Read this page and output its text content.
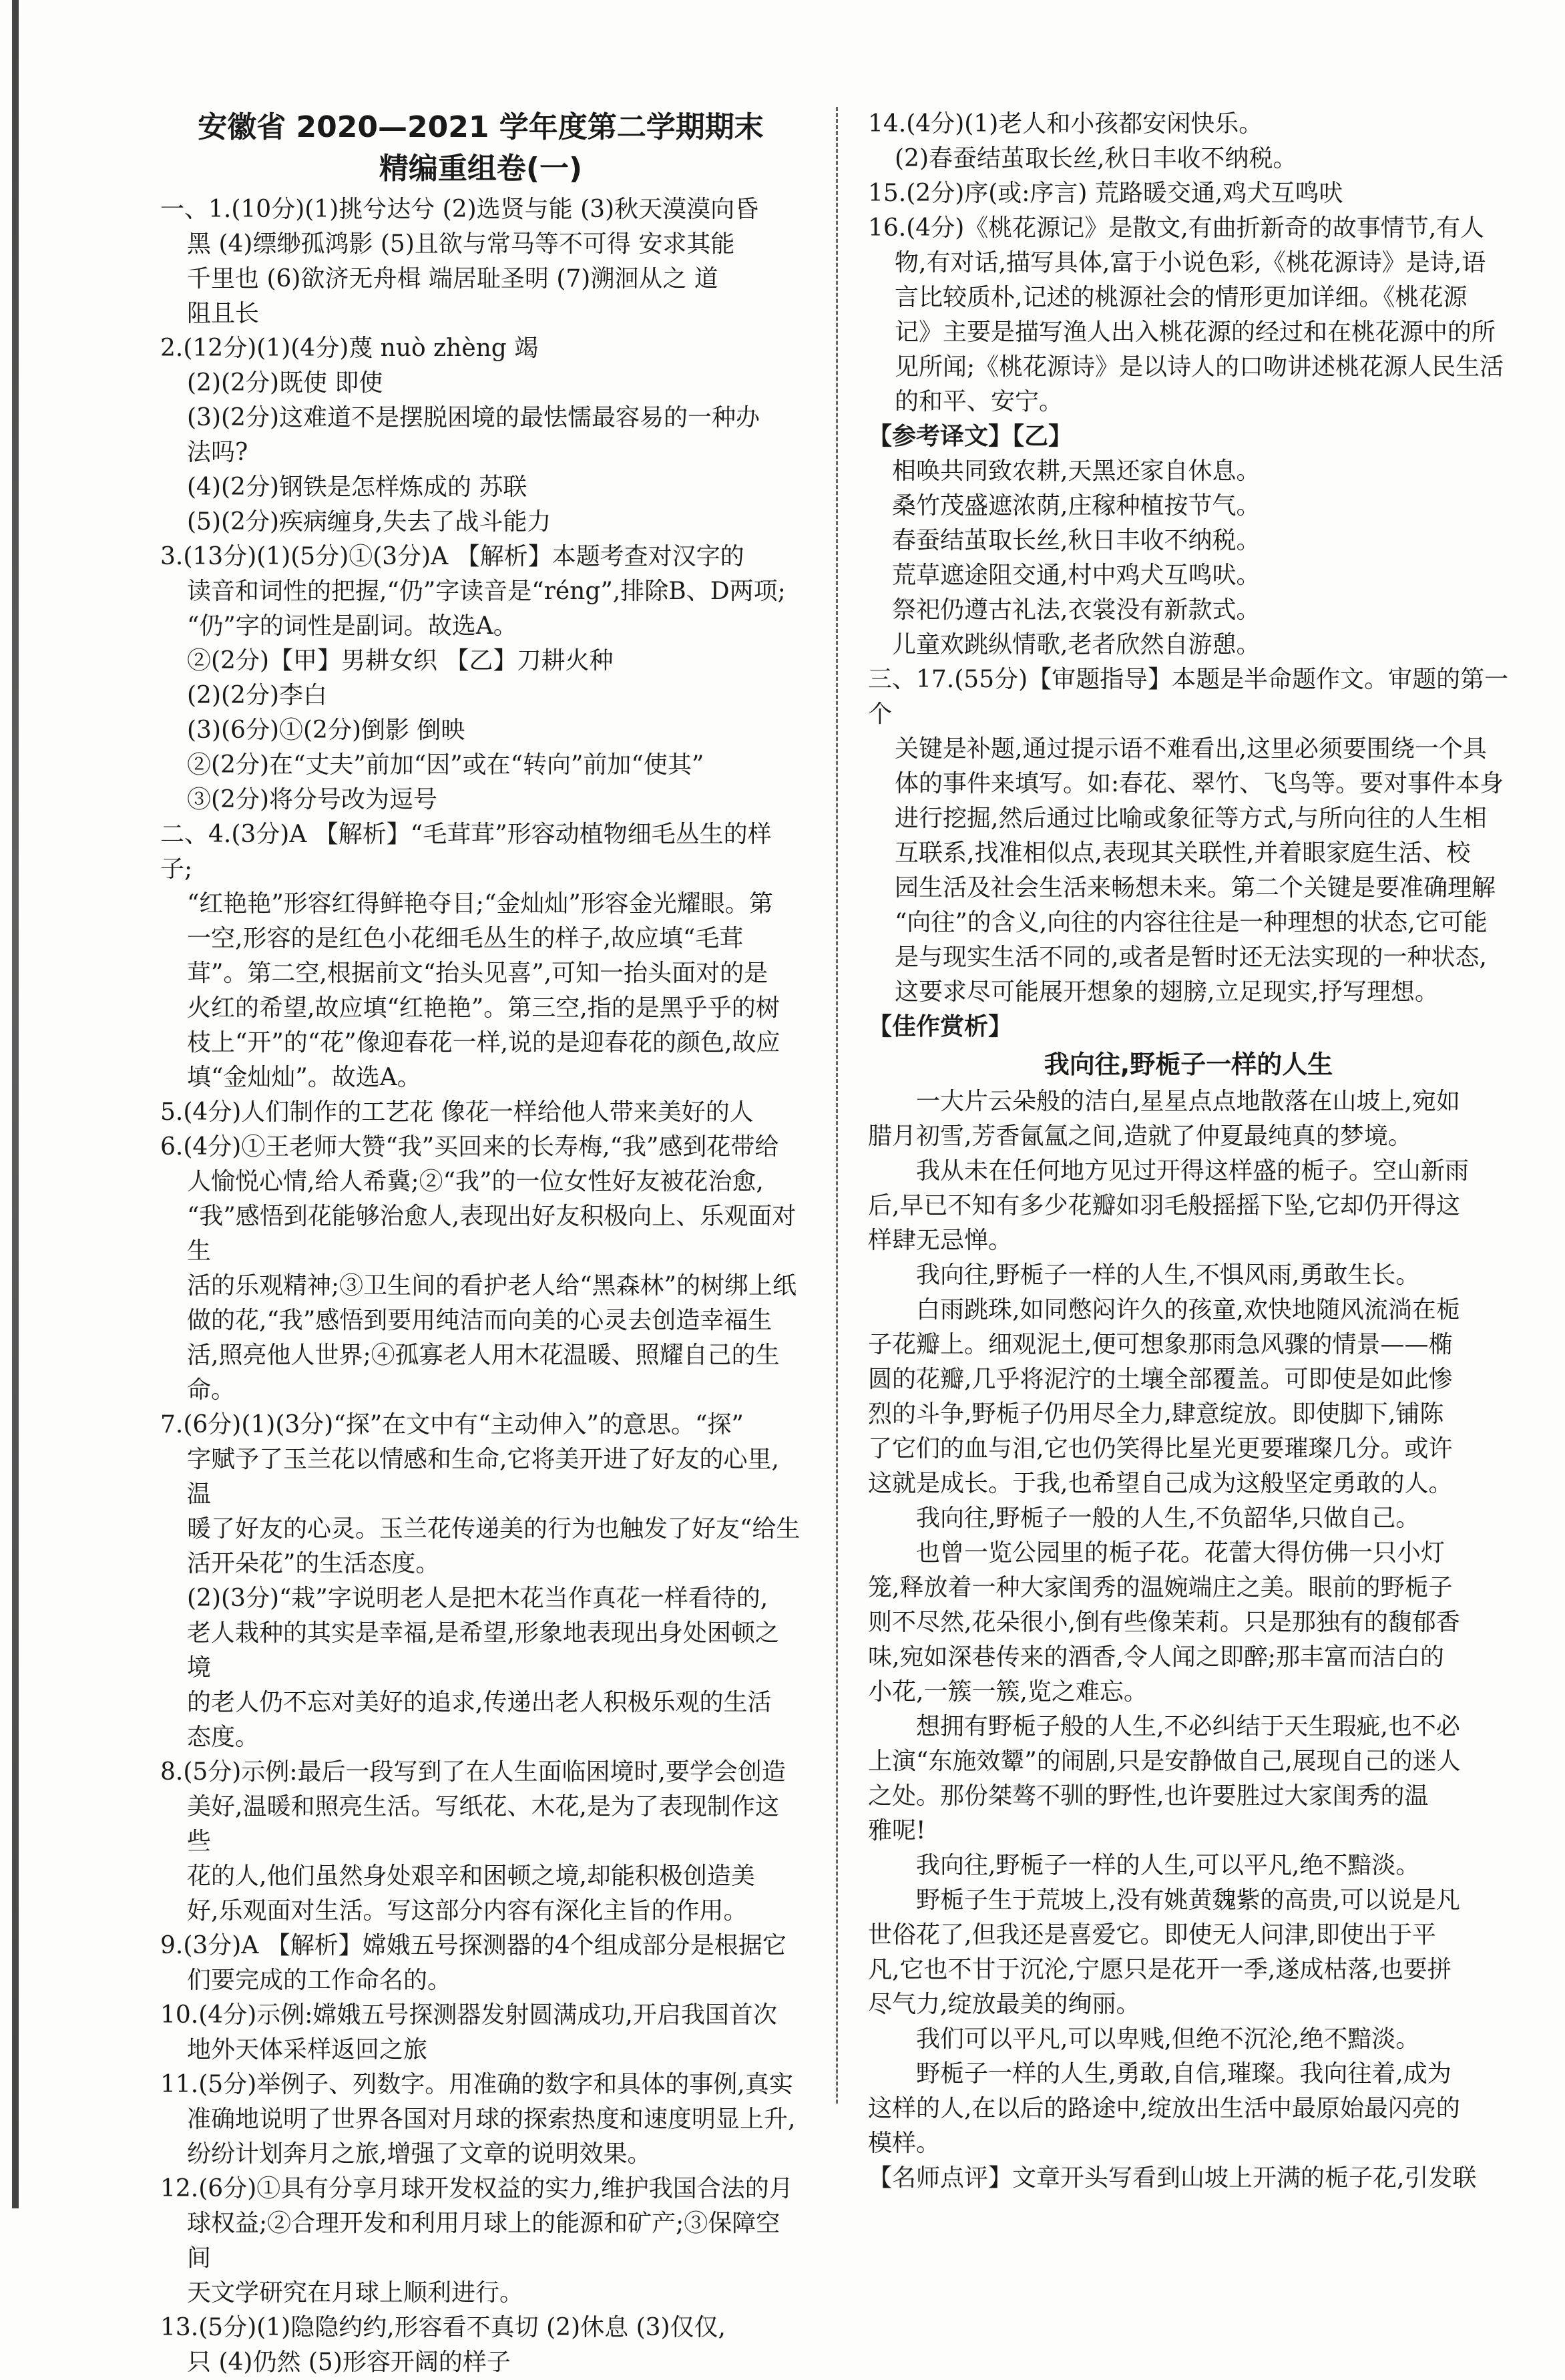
安徽省 2020—2021 学年度第二学期期末
精编重组卷(一)
一、1.(10分)(1)挑兮达兮 (2)选贤与能 (3)秋天漠漠向昏
黑 (4)缥缈孤鸿影 (5)且欲与常马等不可得 安求其能
千里也 (6)欲济无舟楫 端居耻圣明 (7)溯洄从之 道
阻且长
2.(12分)(1)(4分)蔑 nuò zhèng 竭
(2)(2分)既使 即使
(3)(2分)这难道不是摆脱困境的最怯懦最容易的一种办
法吗?
(4)(2分)钢铁是怎样炼成的 苏联
(5)(2分)疾病缠身,失去了战斗能力
3.(13分)(1)(5分)①(3分)A 【解析】本题考查对汉字的
读音和词性的把握,“仍”字读音是“réng”,排除B、D两项;
“仍”字的词性是副词。故选A。
②(2分)【甲】男耕女织 【乙】刀耕火种
(2)(2分)李白
(3)(6分)①(2分)倒影 倒映
②(2分)在“丈夫”前加“因”或在“转向”前加“使其”
③(2分)将分号改为逗号
二、4.(3分)A 【解析】“毛茸茸”形容动植物细毛丛生的样子;
“红艳艳”形容红得鲜艳夺目;“金灿灿”形容金光耀眼。第
一空,形容的是红色小花细毛丛生的样子,故应填“毛茸
茸”。第二空,根据前文“抬头见喜”,可知一抬头面对的是
火红的希望,故应填“红艳艳”。第三空,指的是黑乎乎的树
枝上“开”的“花”像迎春花一样,说的是迎春花的颜色,故应
填“金灿灿”。故选A。
5.(4分)人们制作的工艺花 像花一样给他人带来美好的人
6.(4分)①王老师大赞“我”买回来的长寿梅,“我”感到花带给
人愉悦心情,给人希冀;②“我”的一位女性好友被花治愈,
“我”感悟到花能够治愈人,表现出好友积极向上、乐观面对生
活的乐观精神;③卫生间的看护老人给“黑森林”的树绑上纸
做的花,“我”感悟到要用纯洁而向美的心灵去创造幸福生
活,照亮他人世界;④孤寡老人用木花温暖、照耀自己的生命。
7.(6分)(1)(3分)“探”在文中有“主动伸入”的意思。“探”
字赋予了玉兰花以情感和生命,它将美开进了好友的心里,温
暖了好友的心灵。玉兰花传递美的行为也触发了好友“给生
活开朵花”的生活态度。
(2)(3分)“栽”字说明老人是把木花当作真花一样看待的,
老人栽种的其实是幸福,是希望,形象地表现出身处困顿之境
的老人仍不忘对美好的追求,传递出老人积极乐观的生活
态度。
8.(5分)示例:最后一段写到了在人生面临困境时,要学会创造
美好,温暖和照亮生活。写纸花、木花,是为了表现制作这些
花的人,他们虽然身处艰辛和困顿之境,却能积极创造美
好,乐观面对生活。写这部分内容有深化主旨的作用。
9.(3分)A 【解析】嫦娥五号探测器的4个组成部分是根据它
们要完成的工作命名的。
10.(4分)示例:嫦娥五号探测器发射圆满成功,开启我国首次
地外天体采样返回之旅
11.(5分)举例子、列数字。用准确的数字和具体的事例,真实
准确地说明了世界各国对月球的探索热度和速度明显上升,
纷纷计划奔月之旅,增强了文章的说明效果。
12.(6分)①具有分享月球开发权益的实力,维护我国合法的月
球权益;②合理开发和利用月球上的能源和矿产;③保障空间
天文学研究在月球上顺利进行。
13.(5分)(1)隐隐约约,形容看不真切 (2)休息 (3)仅仅,
只 (4)仍然 (5)形容开阔的样子
14.(4分)(1)老人和小孩都安闲快乐。
(2)春蚕结茧取长丝,秋日丰收不纳税。
15.(2分)序(或:序言) 荒路暖交通,鸡犬互鸣吠
16.(4分)《桃花源记》是散文,有曲折新奇的故事情节,有人
物,有对话,描写具体,富于小说色彩,《桃花源诗》是诗,语
言比较质朴,记述的桃源社会的情形更加详细。《桃花源
记》主要是描写渔人出入桃花源的经过和在桃花源中的所
见所闻;《桃花源诗》是以诗人的口吻讲述桃花源人民生活
的和平、安宁。
【参考译文】【乙】
相唤共同致农耕,天黑还家自休息。
桑竹茂盛遮浓荫,庄稼种植按节气。
春蚕结茧取长丝,秋日丰收不纳税。
荒草遮途阻交通,村中鸡犬互鸣吠。
祭祀仍遵古礼法,衣裳没有新款式。
儿童欢跳纵情歌,老者欣然自游憩。
三、17.(55分)【审题指导】本题是半命题作文。审题的第一个
关键是补题,通过提示语不难看出,这里必须要围绕一个具
体的事件来填写。如:春花、翠竹、飞鸟等。要对事件本身
进行挖掘,然后通过比喻或象征等方式,与所向往的人生相
互联系,找准相似点,表现其关联性,并着眼家庭生活、校
园生活及社会生活来畅想未来。第二个关键是要准确理解
“向往”的含义,向往的内容往往是一种理想的状态,它可能
是与现实生活不同的,或者是暂时还无法实现的一种状态,
这要求尽可能展开想象的翅膀,立足现实,抒写理想。
【佳作赏析】
我向往,野栀子一样的人生
一大片云朵般的洁白,星星点点地散落在山坡上,宛如
腊月初雪,芳香氤氲之间,造就了仲夏最纯真的梦境。
我从未在任何地方见过开得这样盛的栀子。空山新雨
后,早已不知有多少花瓣如羽毛般摇摇下坠,它却仍开得这
样肆无忌惮。
我向往,野栀子一样的人生,不惧风雨,勇敢生长。
白雨跳珠,如同憋闷许久的孩童,欢快地随风流淌在栀
子花瓣上。细观泥土,便可想象那雨急风骤的情景——椭
圆的花瓣,几乎将泥泞的土壤全部覆盖。可即使是如此惨
烈的斗争,野栀子仍用尽全力,肆意绽放。即使脚下,铺陈
了它们的血与泪,它也仍笑得比星光更要璀璨几分。或许
这就是成长。于我,也希望自己成为这般坚定勇敢的人。
我向往,野栀子一般的人生,不负韶华,只做自己。
也曾一览公园里的栀子花。花蕾大得仿佛一只小灯
笼,释放着一种大家闺秀的温婉端庄之美。眼前的野栀子
则不尽然,花朵很小,倒有些像茉莉。只是那独有的馥郁香
味,宛如深巷传来的酒香,令人闻之即醉;那丰富而洁白的
小花,一簇一簇,览之难忘。
想拥有野栀子般的人生,不必纠结于天生瑕疵,也不必
上演“东施效颦”的闹剧,只是安静做自己,展现自己的迷人
之处。那份桀骜不驯的野性,也许要胜过大家闺秀的温
雅呢!
我向往,野栀子一样的人生,可以平凡,绝不黯淡。
野栀子生于荒坡上,没有姚黄魏紫的高贵,可以说是凡
世俗花了,但我还是喜爱它。即使无人问津,即使出于平
凡,它也不甘于沉沦,宁愿只是花开一季,遂成枯落,也要拼
尽气力,绽放最美的绚丽。
我们可以平凡,可以卑贱,但绝不沉沦,绝不黯淡。
野栀子一样的人生,勇敢,自信,璀璨。我向往着,成为
这样的人,在以后的路途中,绽放出生活中最原始最闪亮的
模样。
【名师点评】文章开头写看到山坡上开满的栀子花,引发联
